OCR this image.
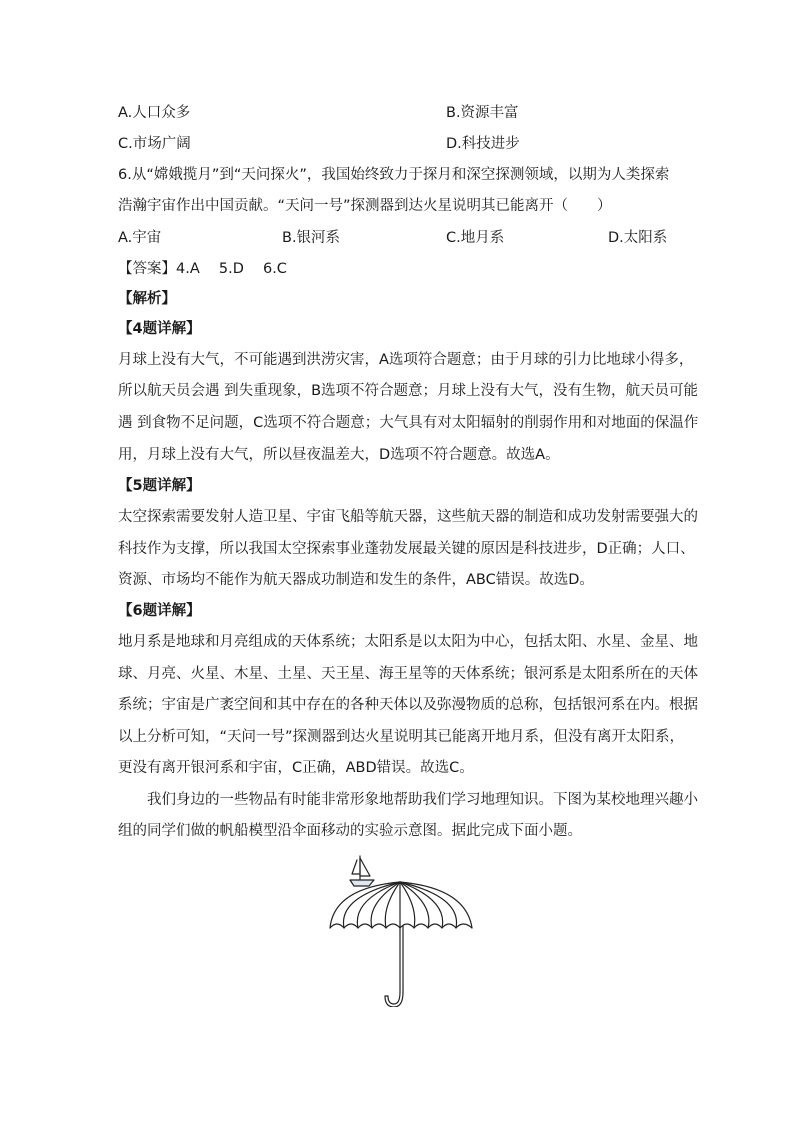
A.人口众多	B.资源丰富
C.市场广阔	D.科技进步
6.从“嫦娥揽月”到“天问探火”，我国始终致力于探月和深空探测领域，以期为人类探索
浩瀚宇宙作出中国贡献。“天问一号”探测器到达火星说明其已能离开（　　）
A.宇宙	B.银河系	C.地月系	D.太阳系
【答案】4.A　 5.D　 6.C
【解析】
【4题详解】
月球上没有大气，不可能遇到洪涝灾害，A选项符合题意；由于月球的引力比地球小得多，
所以航天员会遇 到失重现象，B选项不符合题意；月球上没有大气，没有生物，航天员可能
遇 到食物不足问题，C选项不符合题意；大气具有对太阳辐射的削弱作用和对地面的保温作
用，月球上没有大气，所以昼夜温差大，D选项不符合题意。故选A。
【5题详解】
太空探索需要发射人造卫星、宇宙飞船等航天器，这些航天器的制造和成功发射需要强大的
科技作为支撑，所以我国太空探索事业蓬勃发展最关键的原因是科技进步，D正确；人口、
资源、市场均不能作为航天器成功制造和发生的条件，ABC错误。故选D。
【6题详解】
地月系是地球和月亮组成的天体系统；太阳系是以太阳为中心，包括太阳、水星、金星、地
球、月亮、火星、木星、土星、天王星、海王星等的天体系统；银河系是太阳系所在的天体
系统；宇宙是广袤空间和其中存在的各种天体以及弥漫物质的总称，包括银河系在内。根据
以上分析可知，“天问一号”探测器到达火星说明其已能离开地月系，但没有离开太阳系，
更没有离开银河系和宇宙，C正确，ABD错误。故选C。
　　我们身边的一些物品有时能非常形象地帮助我们学习地理知识。下图为某校地理兴趣小
组的同学们做的帆船模型沿伞面移动的实验示意图。据此完成下面小题。
